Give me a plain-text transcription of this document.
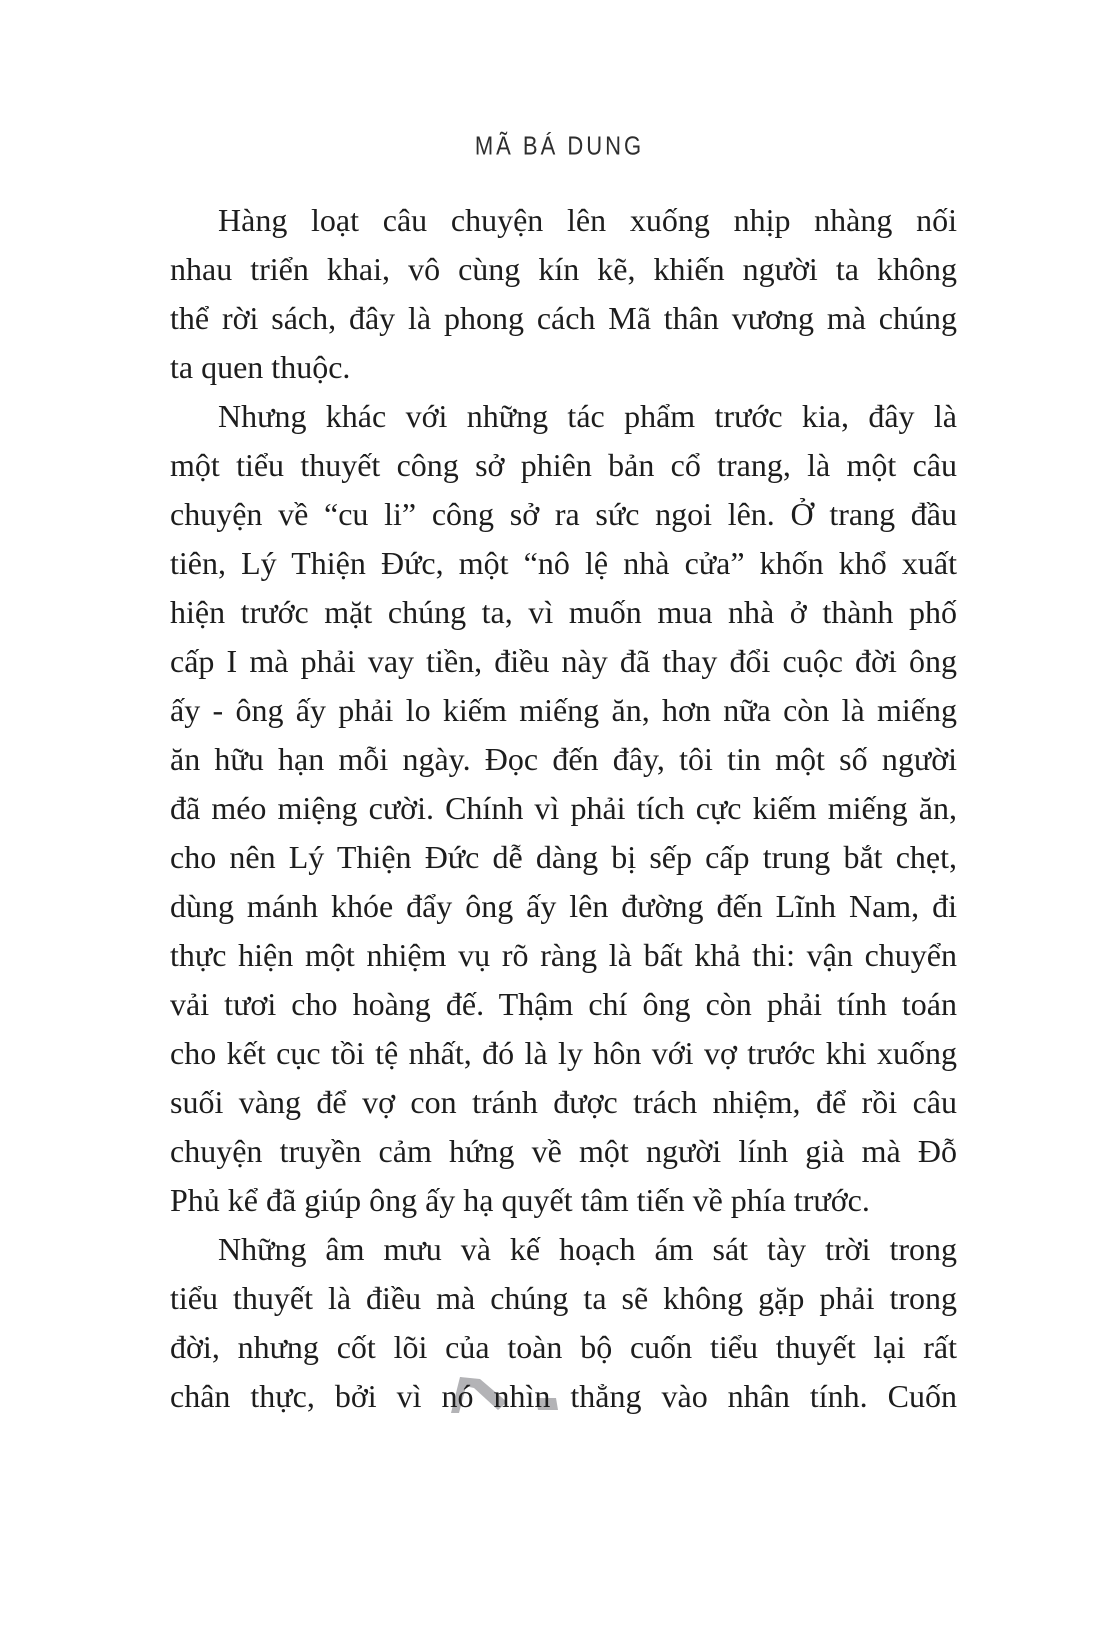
MÃ BÁ DUNG
Hàng loạt câu chuyện lên xuống nhịp nhàng nối
nhau triển khai, vô cùng kín kẽ, khiến người ta không
thể rời sách, đây là phong cách Mã thân vương mà chúng
ta quen thuộc.
Nhưng khác với những tác phẩm trước kia, đây là
một tiểu thuyết công sở phiên bản cổ trang, là một câu
chuyện về “cu li” công sở ra sức ngoi lên. Ở trang đầu
tiên, Lý Thiện Đức, một “nô lệ nhà cửa” khốn khổ xuất
hiện trước mặt chúng ta, vì muốn mua nhà ở thành phố
cấp I mà phải vay tiền, điều này đã thay đổi cuộc đời ông
ấy - ông ấy phải lo kiếm miếng ăn, hơn nữa còn là miếng
ăn hữu hạn mỗi ngày. Đọc đến đây, tôi tin một số người
đã méo miệng cười. Chính vì phải tích cực kiếm miếng ăn,
cho nên Lý Thiện Đức dễ dàng bị sếp cấp trung bắt chẹt,
dùng mánh khóe đẩy ông ấy lên đường đến Lĩnh Nam, đi
thực hiện một nhiệm vụ rõ ràng là bất khả thi: vận chuyển
vải tươi cho hoàng đế. Thậm chí ông còn phải tính toán
cho kết cục tồi tệ nhất, đó là ly hôn với vợ trước khi xuống
suối vàng để vợ con tránh được trách nhiệm, để rồi câu
chuyện truyền cảm hứng về một người lính già mà Đỗ
Phủ kể đã giúp ông ấy hạ quyết tâm tiến về phía trước.
Những âm mưu và kế hoạch ám sát tày trời trong
tiểu thuyết là điều mà chúng ta sẽ không gặp phải trong
đời, nhưng cốt lõi của toàn bộ cuốn tiểu thuyết lại rất
chân thực, bởi vì nó nhìn thẳng vào nhân tính. Cuốn
